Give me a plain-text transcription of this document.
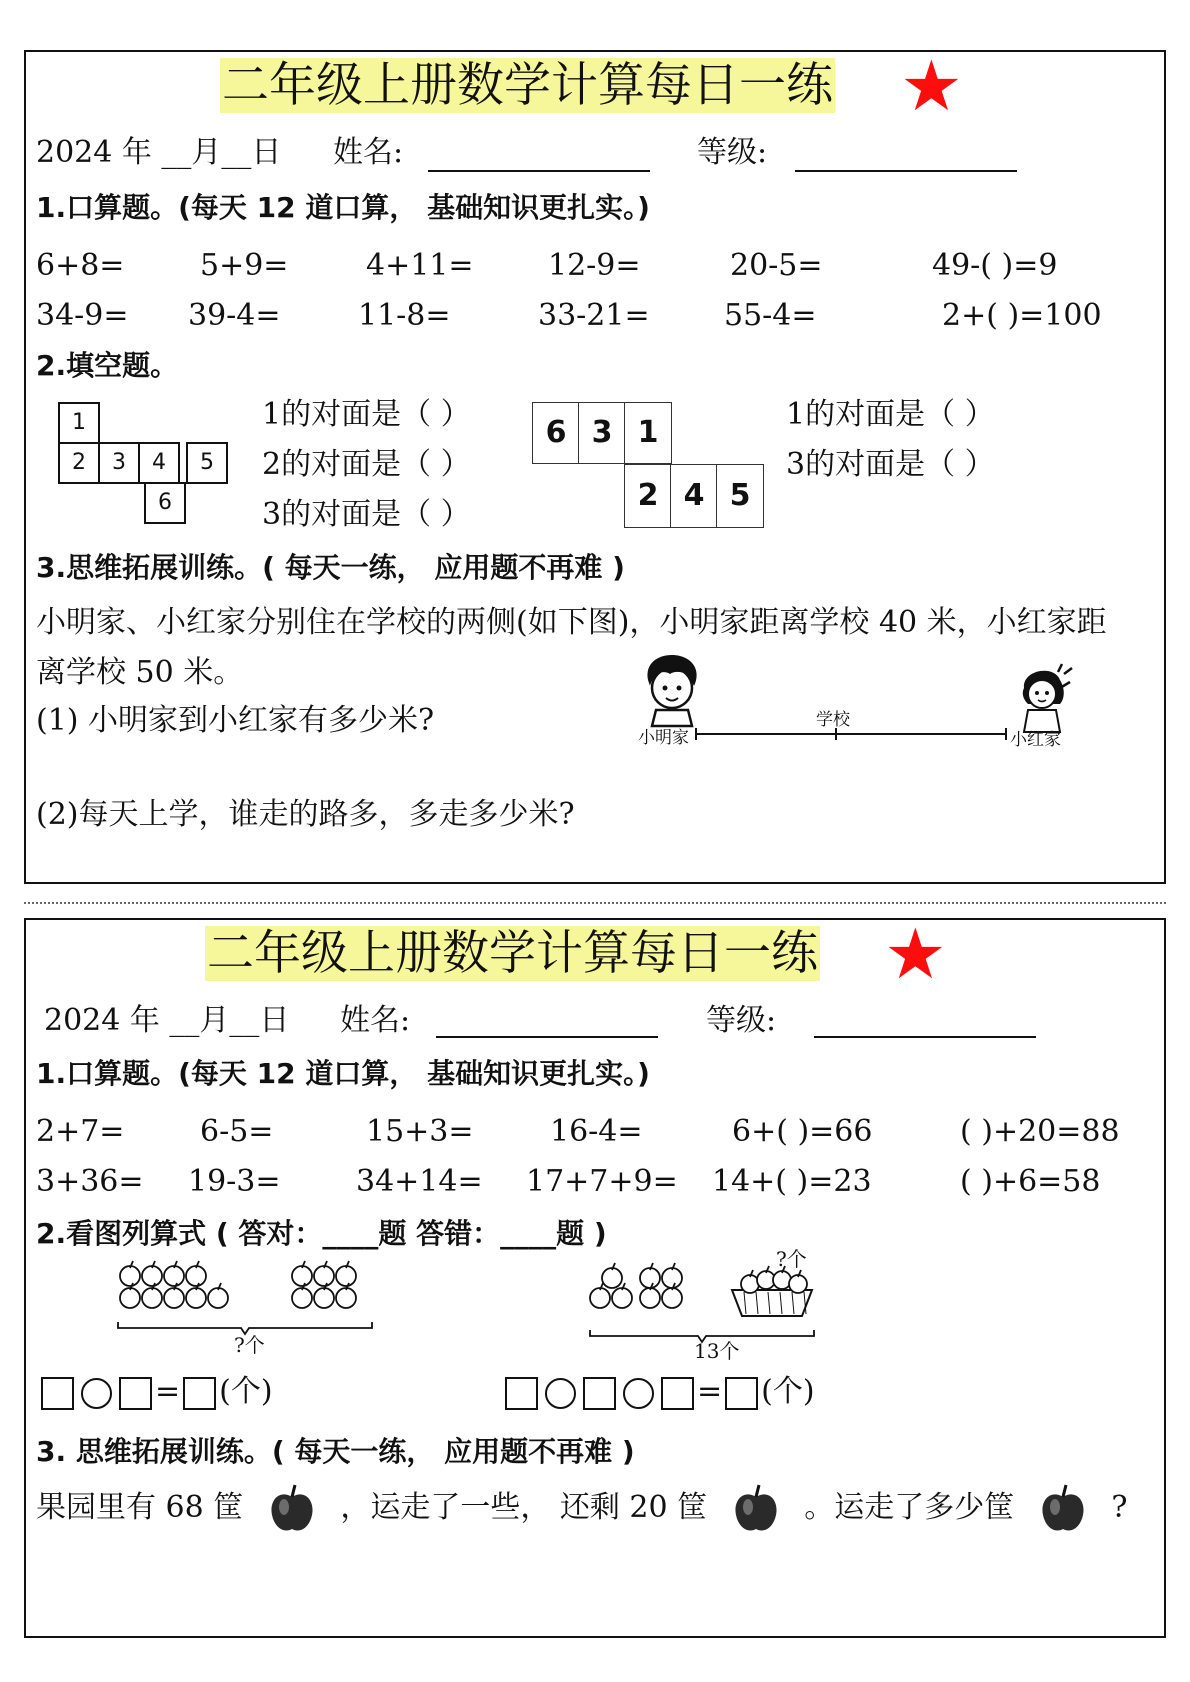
二年级上册数学计算每日一练 ★
2024 年 __月__日 姓名:	等级:
1.口算题。(每天 12 道口算， 基础知识更扎实。)
6+8=	5+9=	4+11= 12-9=	20-5=	49-( )=9
34-9= 39-4=	11-8=	33-21= 55-4=	2+( )=100
2.填空题。
1
2	3	4	5
6
1的对面是（ ）
2的对面是（ ）
3的对面是（ ）
6 3 1
2 4 5
1的对面是（ ）
3的对面是（ ）
3.思维拓展训练。( 每天一练， 应用题不再难 )
小明家、小红家分别住在学校的两侧(如下图)，小明家距离学校 40 米，小红家距
离学校 50 米。
(1) 小明家到小红家有多少米?
(2)每天上学，谁走的路多，多走多少米?
小明家
学校
小红家
二年级上册数学计算每日一练 ★
2024 年 __月__日 姓名:	等级:
1.口算题。(每天 12 道口算， 基础知识更扎实。)
2+7=	6-5=	15+3=	16-4=	6+( )=66	( )+20=88
3+36= 19-3=	34+14= 17+7+9= 14+( )=23	( )+6=58
2.看图列算式 ( 答对：____题 答错：____题 )
?个
?个
13个
= (个)	= (个)
3. 思维拓展训练。( 每天一练， 应用题不再难 )
果园里有 68 筐	，运走了一些， 还剩 20 筐	。运走了多少筐	?
